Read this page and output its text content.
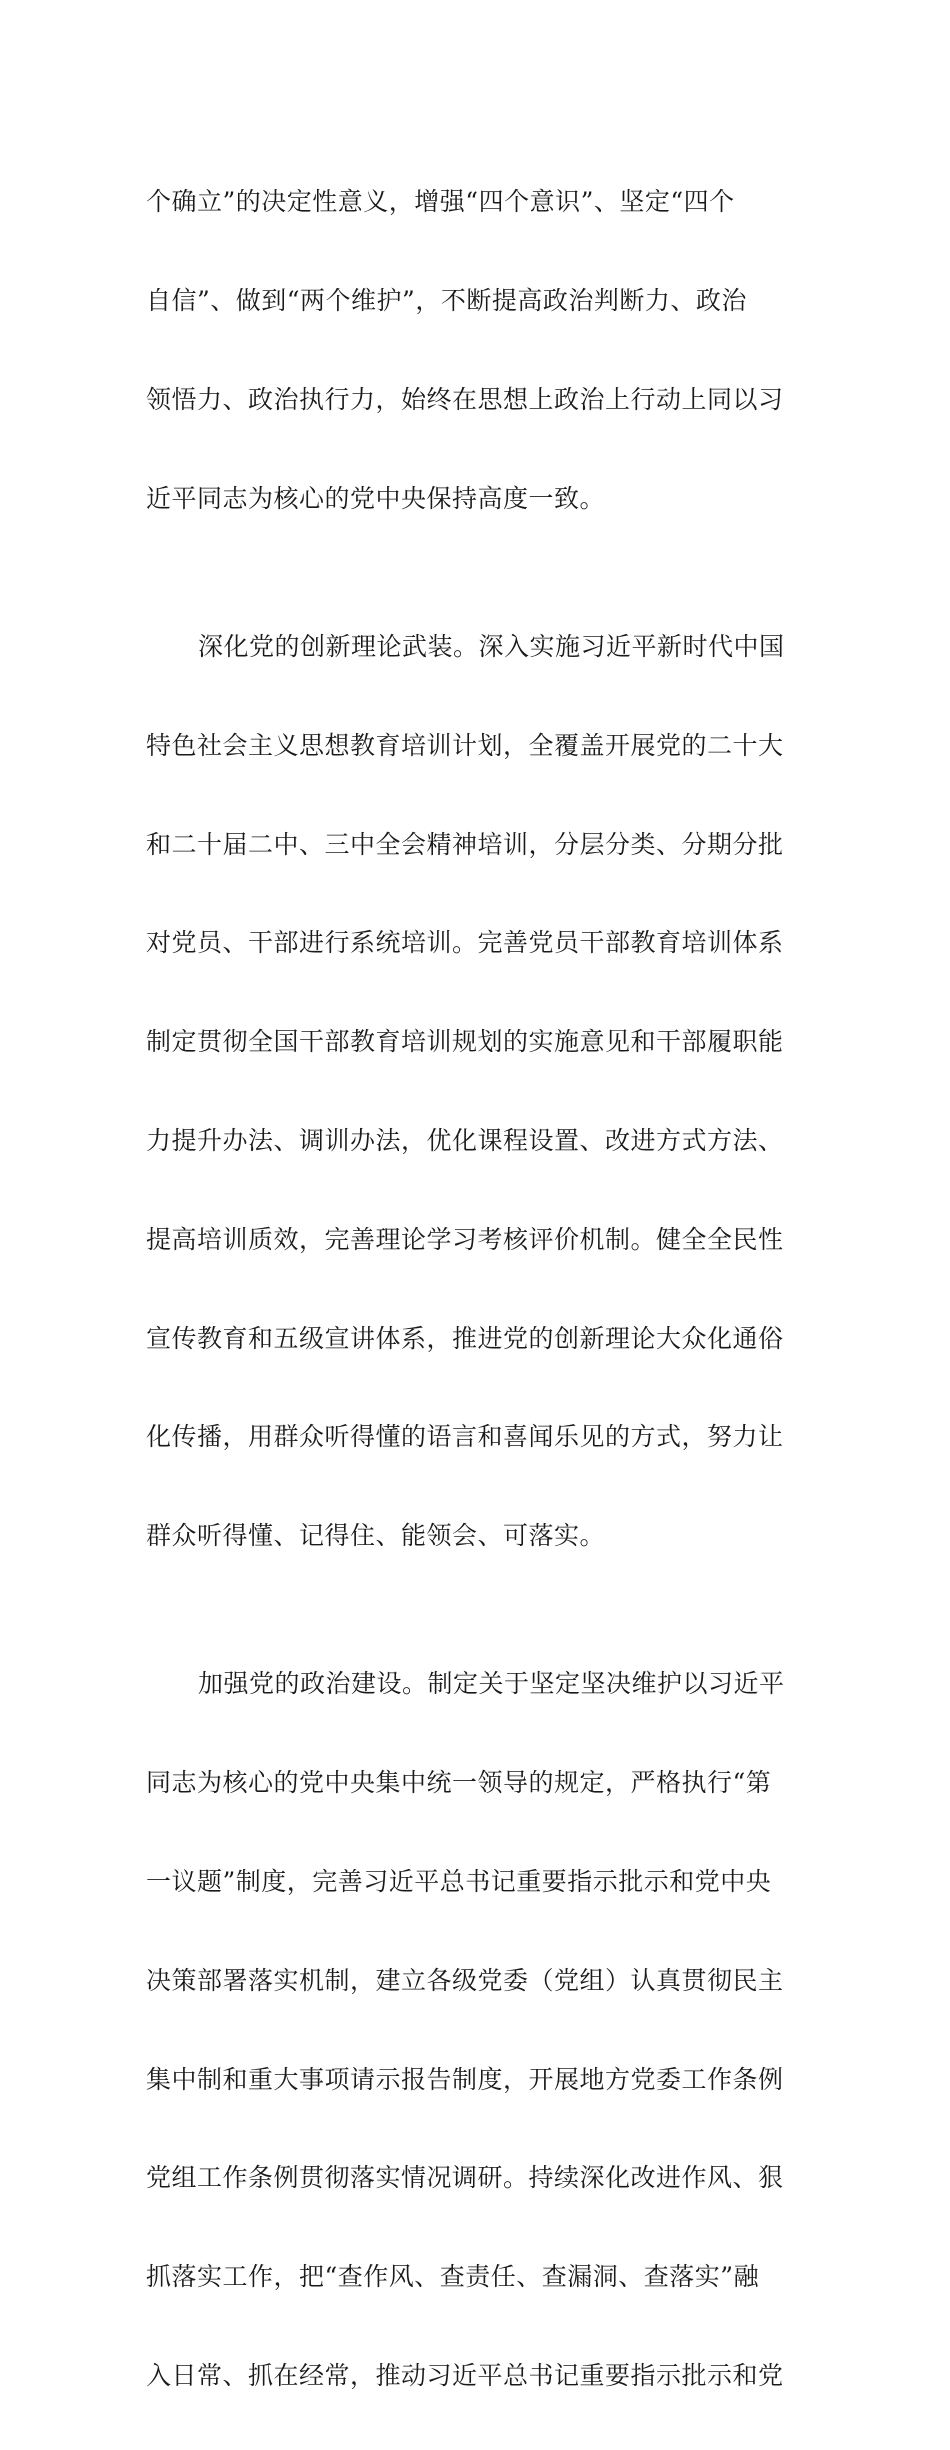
个确立”的决定性意义，增强“四个意识”、坚定“四个

自信”、做到“两个维护”，不断提高政治判断力、政治

领悟力、政治执行力，始终在思想上政治上行动上同以习

近平同志为核心的党中央保持高度一致。

深化党的创新理论武装。深入实施习近平新时代中国

特色社会主义思想教育培训计划，全覆盖开展党的二十大

和二十届二中、三中全会精神培训，分层分类、分期分批

对党员、干部进行系统培训。完善党员干部教育培训体系

制定贯彻全国干部教育培训规划的实施意见和干部履职能

力提升办法、调训办法，优化课程设置、改进方式方法、

提高培训质效，完善理论学习考核评价机制。健全全民性

宣传教育和五级宣讲体系，推进党的创新理论大众化通俗

化传播，用群众听得懂的语言和喜闻乐见的方式，努力让

群众听得懂、记得住、能领会、可落实。

加强党的政治建设。制定关于坚定坚决维护以习近平

同志为核心的党中央集中统一领导的规定，严格执行“第

一议题”制度，完善习近平总书记重要指示批示和党中央

决策部署落实机制，建立各级党委（党组）认真贯彻民主

集中制和重大事项请示报告制度，开展地方党委工作条例

党组工作条例贯彻落实情况调研。持续深化改进作风、狠

抓落实工作，把“查作风、查责任、查漏洞、查落实”融

入日常、抓在经常，推动习近平总书记重要指示批示和党
